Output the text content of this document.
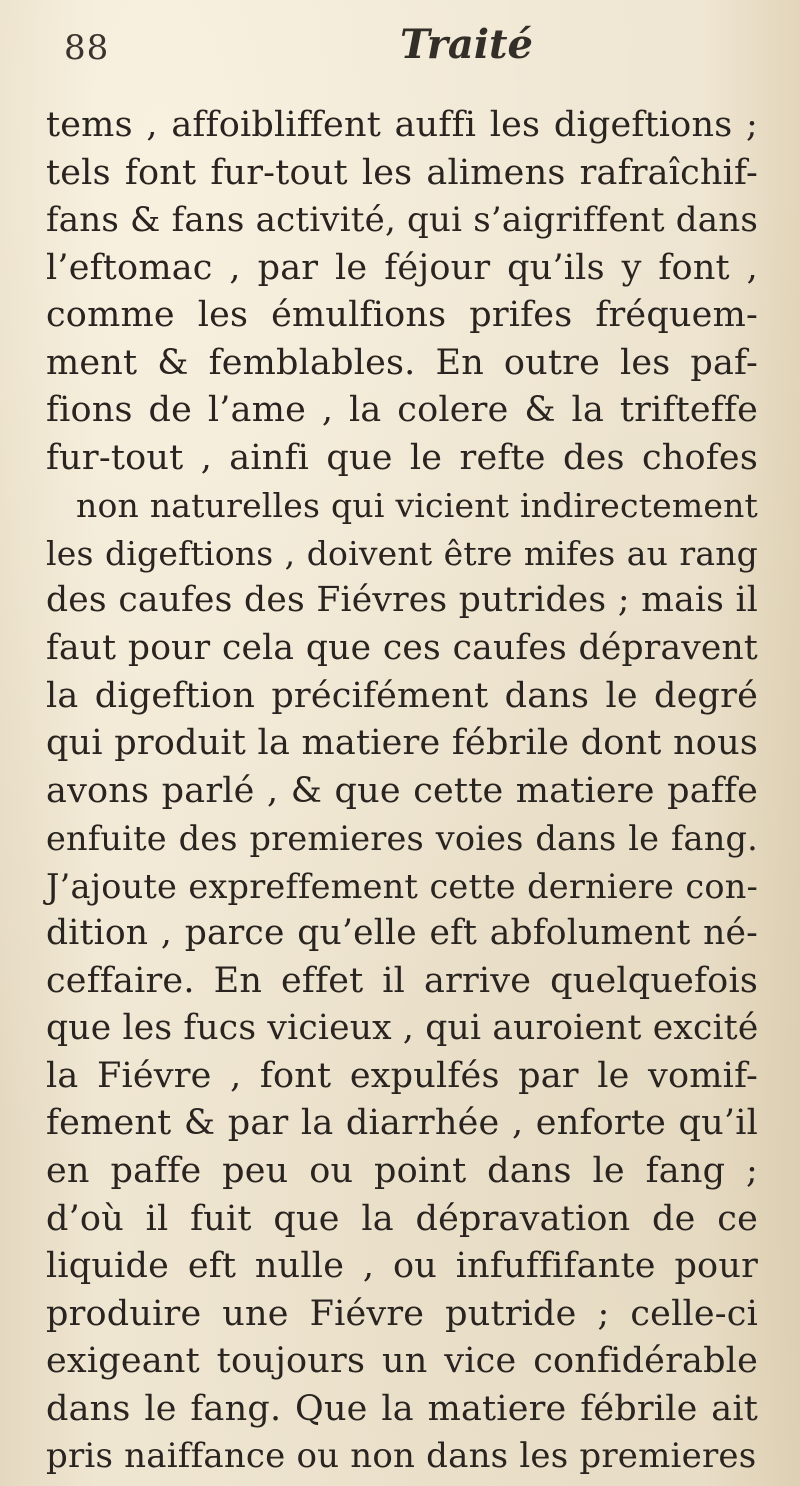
88	Traité
tems , affoibliffent auffi les digeftions ;
tels font fur-tout les alimens rafraîchif-
fans & fans activité, qui s’aigriffent dans
l’eftomac , par le féjour qu’ils y font ,
comme les émulfions prifes fréquem-
ment & femblables. En outre les paf-
fions de l’ame , la colere & la trifteffe
fur-tout , ainfi que le refte des chofes
non naturelles qui vicient indirectement
les digeftions , doivent être mifes au rang
des caufes des Fiévres putrides ; mais il
faut pour cela que ces caufes dépravent
la digeftion précifément dans le degré
qui produit la matiere fébrile dont nous
avons parlé , & que cette matiere paffe
enfuite des premieres voies dans le fang.
J’ajoute expreffement cette derniere con-
dition , parce qu’elle eft abfolument né-
ceffaire. En effet il arrive quelquefois
que les fucs vicieux , qui auroient excité
la Fiévre , font expulfés par le vomif-
fement & par la diarrhée , enforte qu’il
en paffe peu ou point dans le fang ;
d’où il fuit que la dépravation de ce
liquide eft nulle , ou infuffifante pour
produire une Fiévre putride ; celle-ci
exigeant toujours un vice confidérable
dans le fang. Que la matiere fébrile ait
pris naiffance ou non dans les premieres
